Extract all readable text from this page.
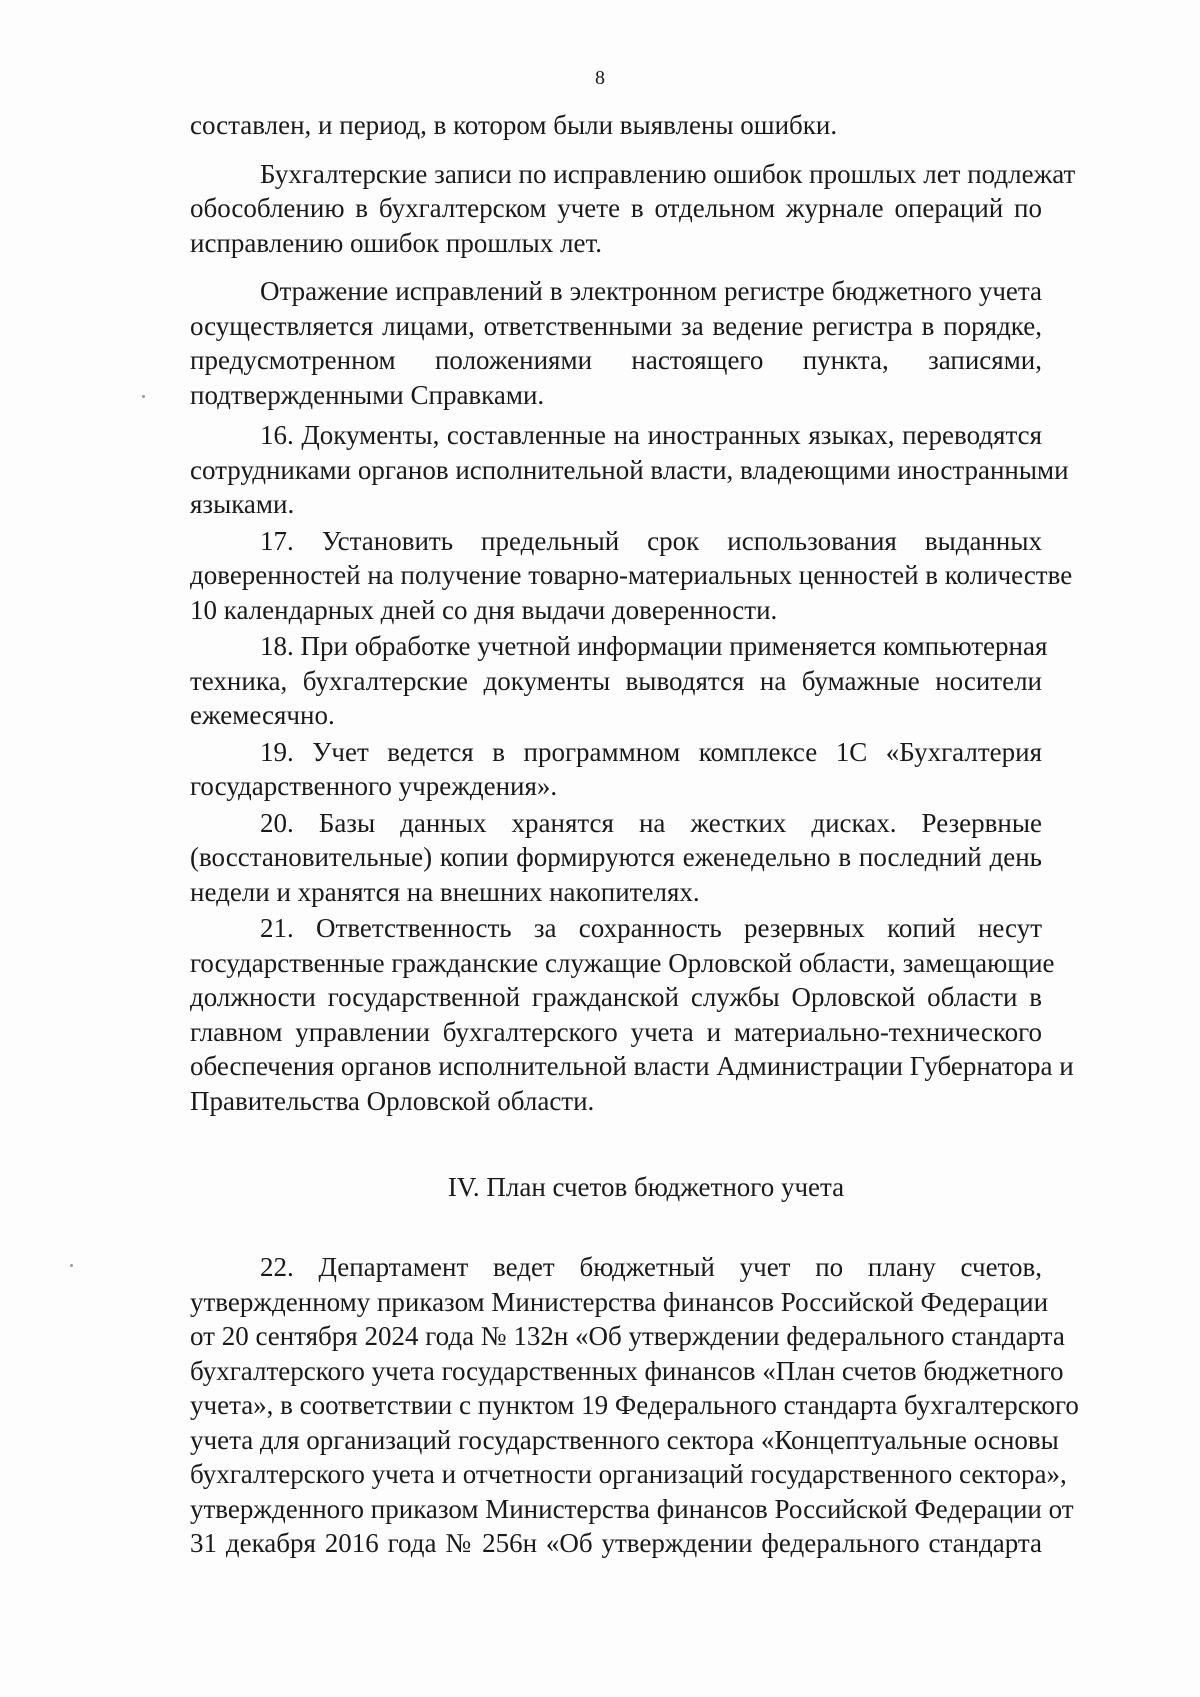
8

составлен, и период, в котором были выявлены ошибки.

Бухгалтерские записи по исправлению ошибок прошлых лет подлежат
обособлению в бухгалтерском учете в отдельном журнале операций по
исправлению ошибок прошлых лет.

Отражение исправлений в электронном регистре бюджетного учета
осуществляется лицами, ответственными за ведение регистра в порядке,
предусмотренном положениями настоящего пункта, записями,
подтвержденными Справками.

16. Документы, составленные на иностранных языках, переводятся
сотрудниками органов исполнительной власти, владеющими иностранными
языками.

17. Установить предельный срок использования выданных
доверенностей на получение товарно-материальных ценностей в количестве
10 календарных дней со дня выдачи доверенности.

18. При обработке учетной информации применяется компьютерная
техника, бухгалтерские документы выводятся на бумажные носители
ежемесячно.

19. Учет ведется в программном комплексе 1С «Бухгалтерия
государственного учреждения».

20. Базы данных хранятся на жестких дисках. Резервные
(восстановительные) копии формируются еженедельно в последний день
недели и хранятся на внешних накопителях.

21. Ответственность за сохранность резервных копий несут
государственные гражданские служащие Орловской области, замещающие
должности государственной гражданской службы Орловской области в
главном управлении бухгалтерского учета и материально-технического
обеспечения органов исполнительной власти Администрации Губернатора и
Правительства Орловской области.

IV. План счетов бюджетного учета

22. Департамент ведет бюджетный учет по плану счетов,
утвержденному приказом Министерства финансов Российской Федерации
от 20 сентября 2024 года № 132н «Об утверждении федерального стандарта
бухгалтерского учета государственных финансов «План счетов бюджетного
учета», в соответствии с пунктом 19 Федерального стандарта бухгалтерского
учета для организаций государственного сектора «Концептуальные основы
бухгалтерского учета и отчетности организаций государственного сектора»,
утвержденного приказом Министерства финансов Российской Федерации от
31 декабря 2016 года № 256н «Об утверждении федерального стандарта
